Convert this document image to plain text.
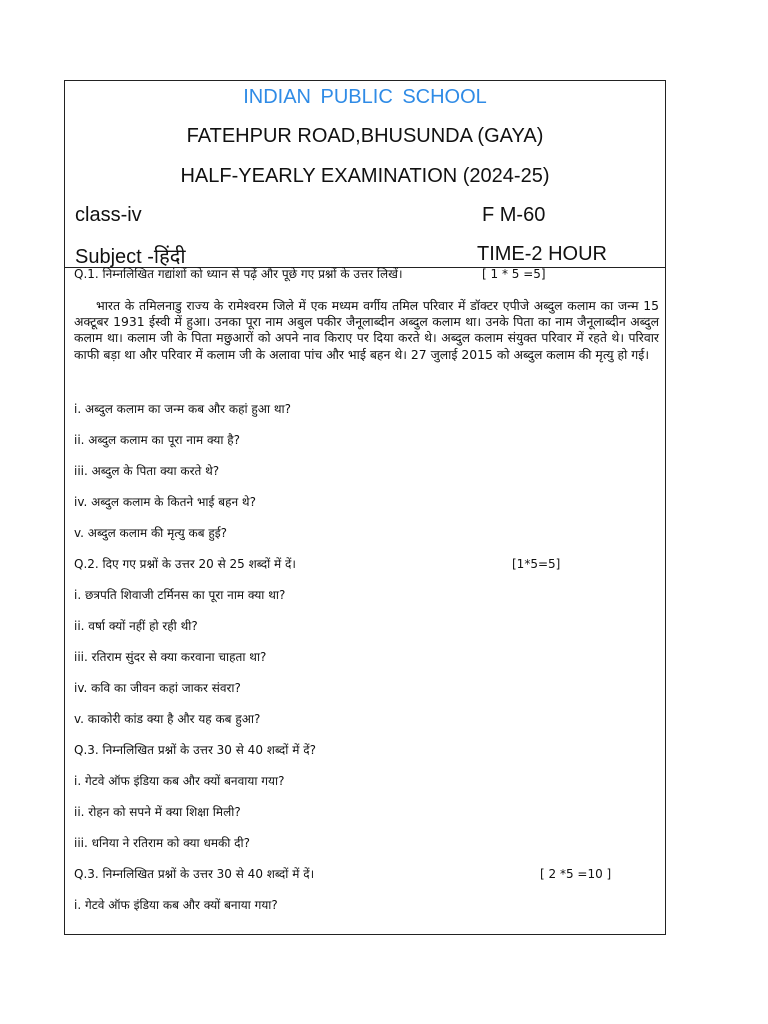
INDIAN PUBLIC SCHOOL
FATEHPUR ROAD,BHUSUNDA (GAYA)
HALF-YEARLY EXAMINATION (2024-25)
class-iv	F M-60
Subject -हिंदी	TIME-2 HOUR
Q.1. निम्नलिखित गद्यांशों को ध्यान से पढ़ें और पूछे गए प्रश्नों के उत्तर लिखें।	[ 1 * 5 =5]
भारत के तमिलनाडु राज्य के रामेश्वरम जिले में एक मध्यम वर्गीय तमिल परिवार में डॉक्टर एपीजे अब्दुल कलाम का जन्म 15 अक्टूबर 1931 ईस्वी में हुआ। उनका पूरा नाम अबुल पकीर जैनूलाब्दीन अब्दुल कलाम था। उनके पिता का नाम जैनूलाब्दीन अब्दुल कलाम था। कलाम जी के पिता मछुआरों को अपने नाव किराए पर दिया करते थे। अब्दुल कलाम संयुक्त परिवार में रहते थे। परिवार काफी बड़ा था और परिवार में कलाम जी के अलावा पांच और भाई बहन थे। 27 जुलाई 2015 को अब्दुल कलाम की मृत्यु हो गई।
i. अब्दुल कलाम का जन्म कब और कहां हुआ था?
ii. अब्दुल कलाम का पूरा नाम क्या है?
iii. अब्दुल के पिता क्या करते थे?
iv. अब्दुल कलाम के कितने भाई बहन थे?
v. अब्दुल कलाम की मृत्यु कब हुई?
Q.2. दिए गए प्रश्नों के उत्तर 20 से 25 शब्दों में दें।	[1*5=5]
i. छत्रपति शिवाजी टर्मिनस का पूरा नाम क्या था?
ii. वर्षा क्यों नहीं हो रही थी?
iii. रतिराम सुंदर से क्या करवाना चाहता था?
iv. कवि का जीवन कहां जाकर संवरा?
v. काकोरी कांड क्या है और यह कब हुआ?
Q.3. निम्नलिखित प्रश्नों के उत्तर 30 से 40 शब्दों में दें?
i. गेटवे ऑफ इंडिया कब और क्यों बनवाया गया?
ii. रोहन को सपने में क्या शिक्षा मिली?
iii. धनिया ने रतिराम को क्या धमकी दी?
Q.3. निम्नलिखित प्रश्नों के उत्तर 30 से 40 शब्दों में दें।	[ 2 *5 =10 ]
i. गेटवे ऑफ इंडिया कब और क्यों बनाया गया?
